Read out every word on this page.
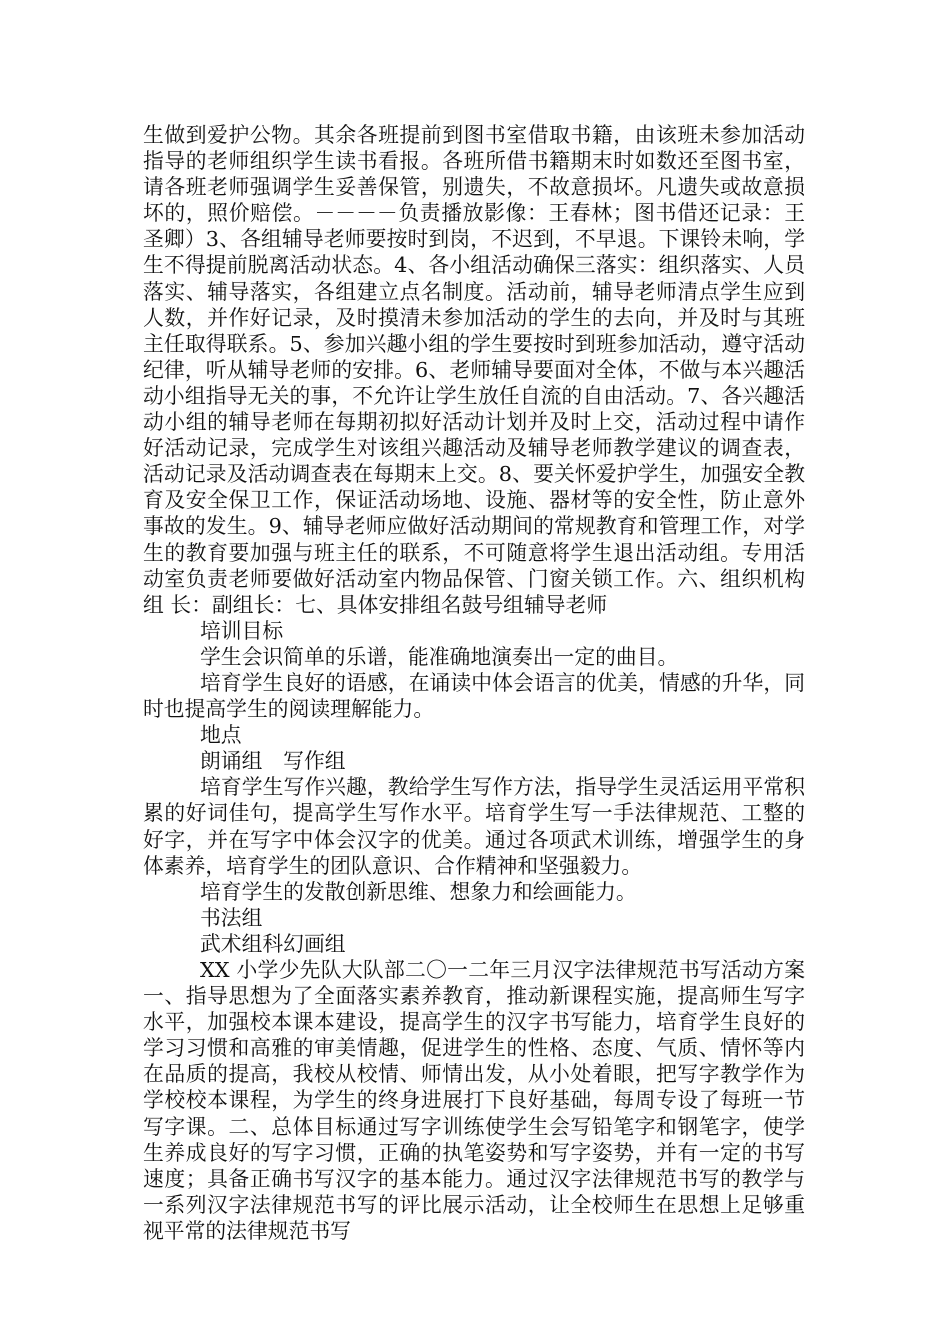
生做到爱护公物。其余各班提前到图书室借取书籍，由该班未参加活动指导的老师组织学生读书看报。各班所借书籍期末时如数还至图书室，请各班老师强调学生妥善保管，别遗失，不故意损坏。凡遗失或故意损坏的，照价赔偿。－－－－负责播放影像：王春林；图书借还记录：王圣卿）3、各组辅导老师要按时到岗，不迟到，不早退。下课铃未响，学生不得提前脱离活动状态。4、各小组活动确保三落实：组织落实、人员落实、辅导落实，各组建立点名制度。活动前，辅导老师清点学生应到人数，并作好记录，及时摸清未参加活动的学生的去向，并及时与其班主任取得联系。5、参加兴趣小组的学生要按时到班参加活动，遵守活动纪律，听从辅导老师的安排。6、老师辅导要面对全体，不做与本兴趣活动小组指导无关的事，不允许让学生放任自流的自由活动。7、各兴趣活动小组的辅导老师在每期初拟好活动计划并及时上交，活动过程中请作好活动记录，完成学生对该组兴趣活动及辅导老师教学建议的调查表，活动记录及活动调查表在每期末上交。8、要关怀爱护学生，加强安全教育及安全保卫工作，保证活动场地、设施、器材等的安全性，防止意外事故的发生。9、辅导老师应做好活动期间的常规教育和管理工作，对学生的教育要加强与班主任的联系，不可随意将学生退出活动组。专用活动室负责老师要做好活动室内物品保管、门窗关锁工作。六、组织机构组 长：副组长：七、具体安排组名鼓号组辅导老师

培训目标

学生会识简单的乐谱，能准确地演奏出一定的曲目。

培育学生良好的语感，在诵读中体会语言的优美，情感的升华，同时也提高学生的阅读理解能力。

地点

朗诵组　写作组

培育学生写作兴趣，教给学生写作方法，指导学生灵活运用平常积累的好词佳句，提高学生写作水平。培育学生写一手法律规范、工整的好字，并在写字中体会汉字的优美。通过各项武术训练，增强学生的身体素养，培育学生的团队意识、合作精神和坚强毅力。

培育学生的发散创新思维、想象力和绘画能力。

书法组

武术组科幻画组

XX 小学少先队大队部二〇一二年三月汉字法律规范书写活动方案一、指导思想为了全面落实素养教育，推动新课程实施，提高师生写字水平，加强校本课本建设，提高学生的汉字书写能力，培育学生良好的学习习惯和高雅的审美情趣，促进学生的性格、态度、气质、情怀等内在品质的提高，我校从校情、师情出发，从小处着眼，把写字教学作为学校校本课程，为学生的终身进展打下良好基础，每周专设了每班一节写字课。二、总体目标通过写字训练使学生会写铅笔字和钢笔字，使学生养成良好的写字习惯，正确的执笔姿势和写字姿势，并有一定的书写速度；具备正确书写汉字的基本能力。通过汉字法律规范书写的教学与一系列汉字法律规范书写的评比展示活动，让全校师生在思想上足够重视平常的法律规范书写
